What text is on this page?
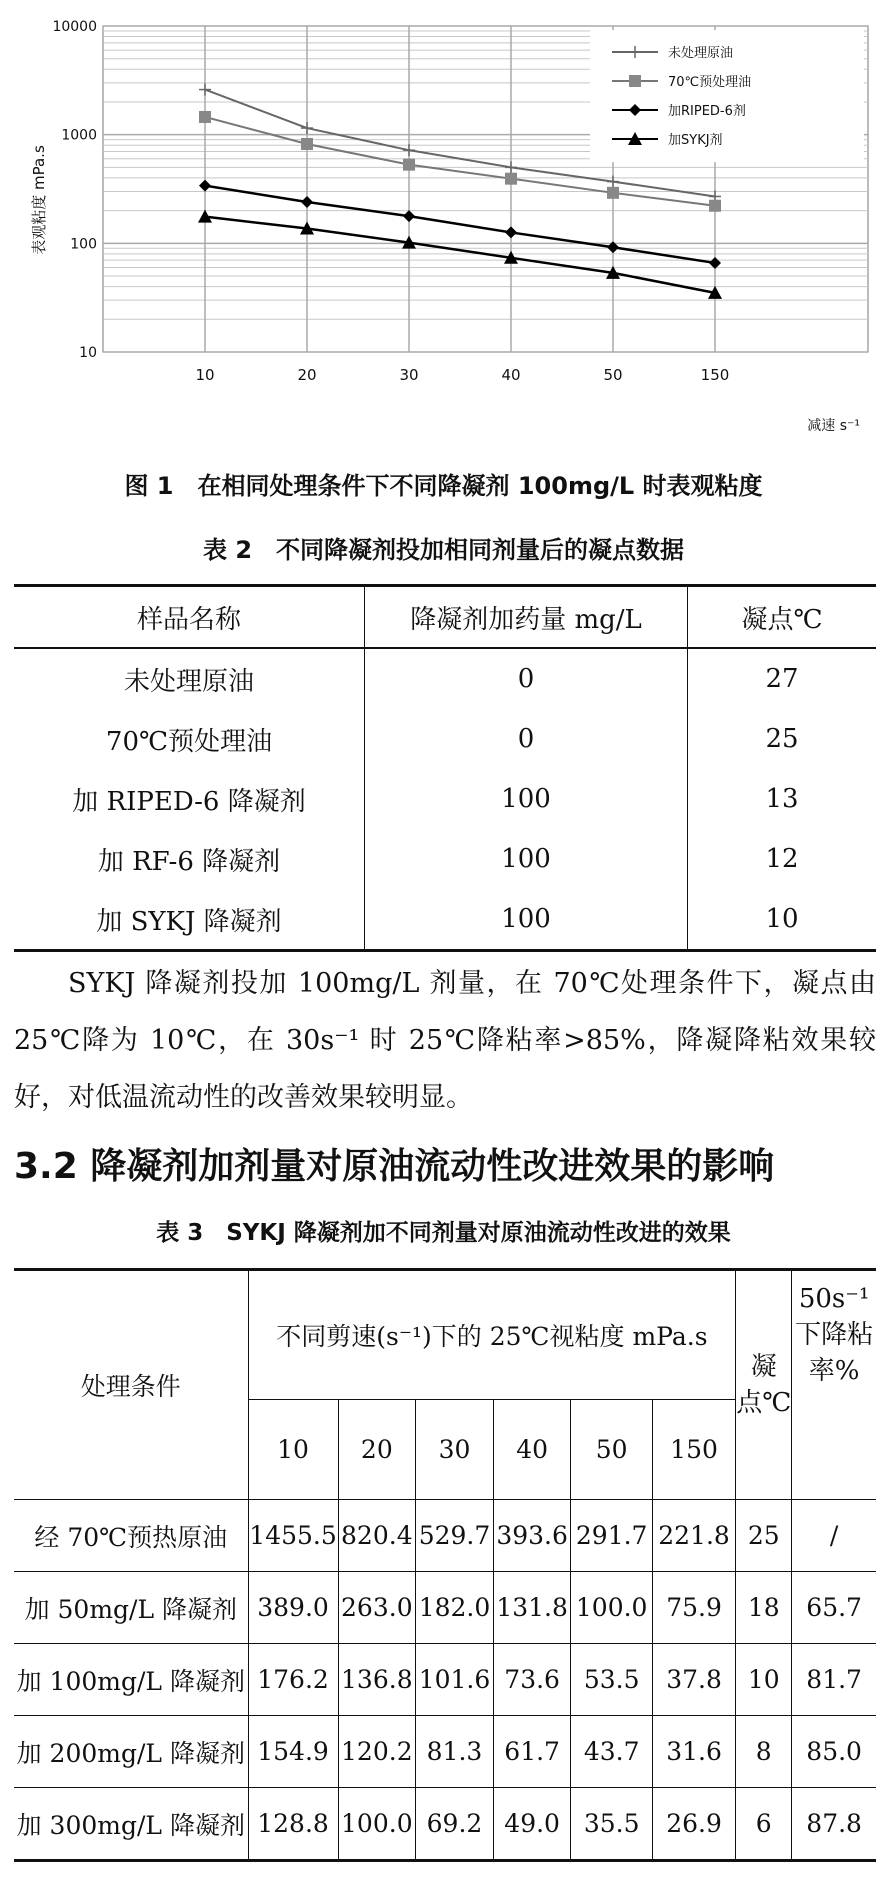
10
100
1000
10000
10	20	30	40	50	150
未处理原油
70℃预处理油
加RIPED-6剂
加SYKJ剂
表观粘度 mPa.s
减速 s⁻¹
图 1　在相同处理条件下不同降凝剂 100mg/L 时表观粘度
表 2　不同降凝剂投加相同剂量后的凝点数据
样品名称	降凝剂加药量 mg/L	凝点℃
未处理原油	0	27
70℃预处理油	0	25
加 RIPED-6 降凝剂	100	13
加 RF-6 降凝剂	100	12
加 SYKJ 降凝剂	100	10

SYKJ 降凝剂投加 100mg/L 剂量，在 70℃处理条件下，凝点由 25℃降为 10℃，在 30s⁻¹ 时 25℃降粘率>85%，降凝降粘效果较好，对低温流动性的改善效果较明显。

3.2 降凝剂加剂量对原油流动性改进效果的影响
表 3　SYKJ 降凝剂加不同剂量对原油流动性改进的效果
处理条件	不同剪速(s⁻¹)下的 25℃视粘度 mPa.s						凝点℃	50s⁻¹下降粘率%
	10	20	30	40	50	150		
经 70℃预热原油	1455.5	820.4	529.7	393.6	291.7	221.8	25	/
加 50mg/L 降凝剂	389.0	263.0	182.0	131.8	100.0	75.9	18	65.7
加 100mg/L 降凝剂	176.2	136.8	101.6	73.6	53.5	37.8	10	81.7
加 200mg/L 降凝剂	154.9	120.2	81.3	61.7	43.7	31.6	8	85.0
加 300mg/L 降凝剂	128.8	100.0	69.2	49.0	35.5	26.9	6	87.8
